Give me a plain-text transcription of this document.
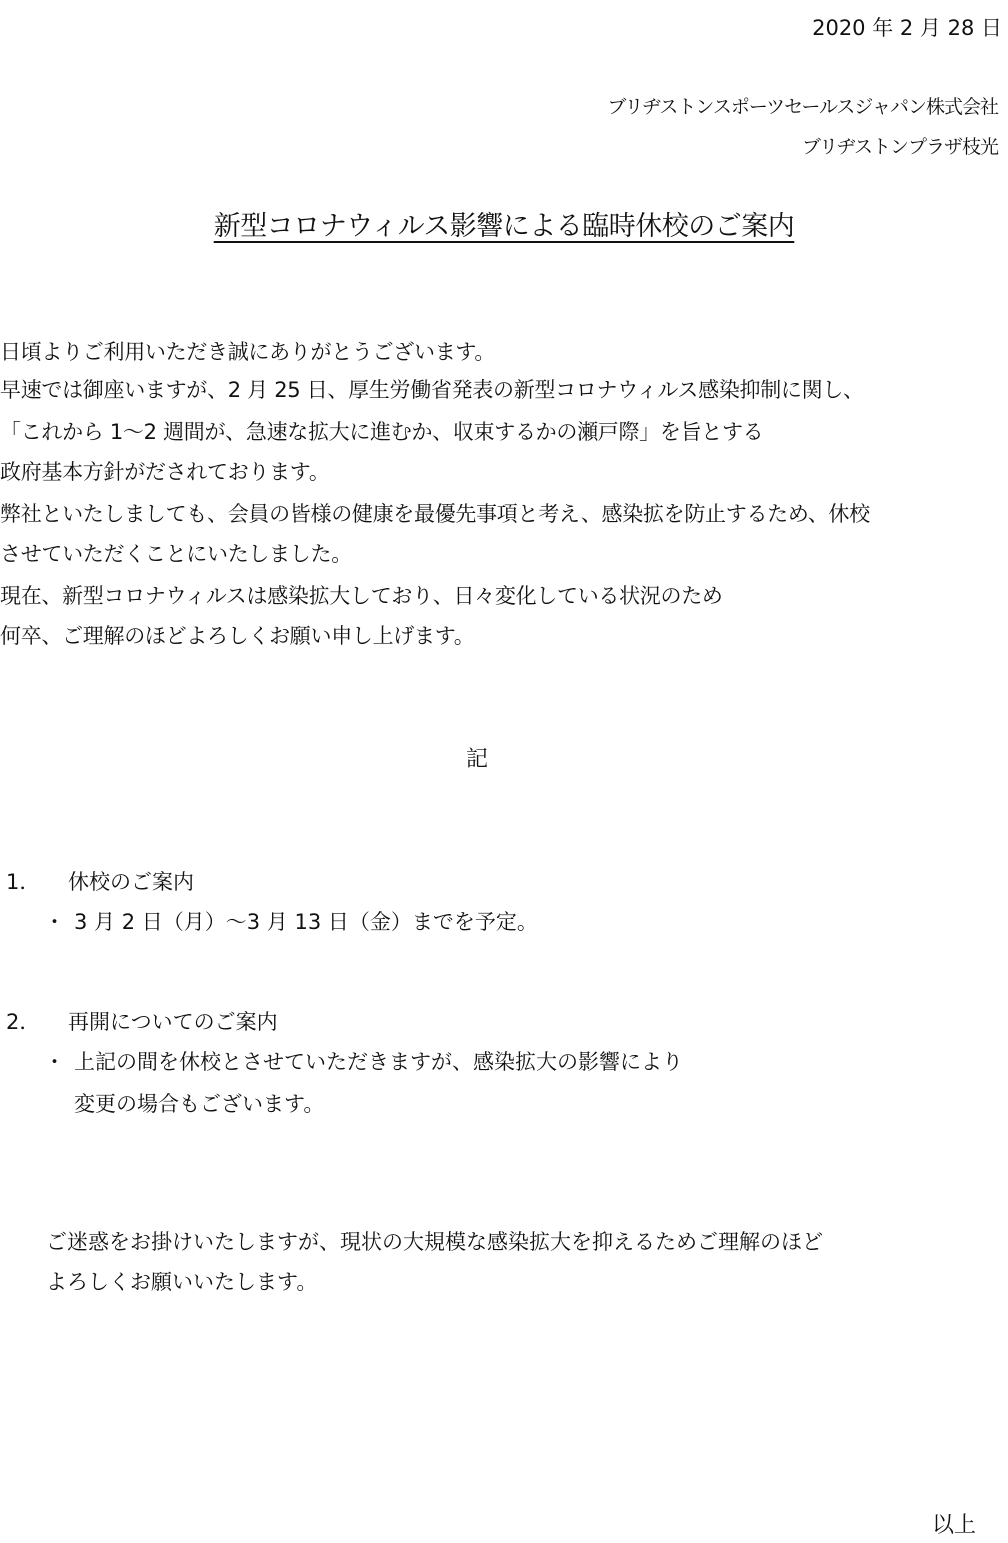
2020 年 2 月 28 日
ブリヂストンスポーツセールスジャパン株式会社
ブリヂストンプラザ枝光
新型コロナウィルス影響による臨時休校のご案内
日頃よりご利用いただき誠にありがとうございます。
早速では御座いますが、2 月 25 日、厚生労働省発表の新型コロナウィルス感染抑制に関し、
「これから 1～2 週間が、急速な拡大に進むか、収束するかの瀬戸際」を旨とする
政府基本方針がだされております。
弊社といたしましても、会員の皆様の健康を最優先事項と考え、感染拡を防止するため、休校
させていただくことにいたしました。
現在、新型コロナウィルスは感染拡大しており、日々変化している状況のため
何卒、ご理解のほどよろしくお願い申し上げます。
記
1． 休校のご案内
・ 3 月 2 日（月）～3 月 13 日（金）までを予定。
2． 再開についてのご案内
・ 上記の間を休校とさせていただきますが、感染拡大の影響により
変更の場合もございます。
ご迷惑をお掛けいたしますが、現状の大規模な感染拡大を抑えるためご理解のほど
よろしくお願いいたします。
以上
